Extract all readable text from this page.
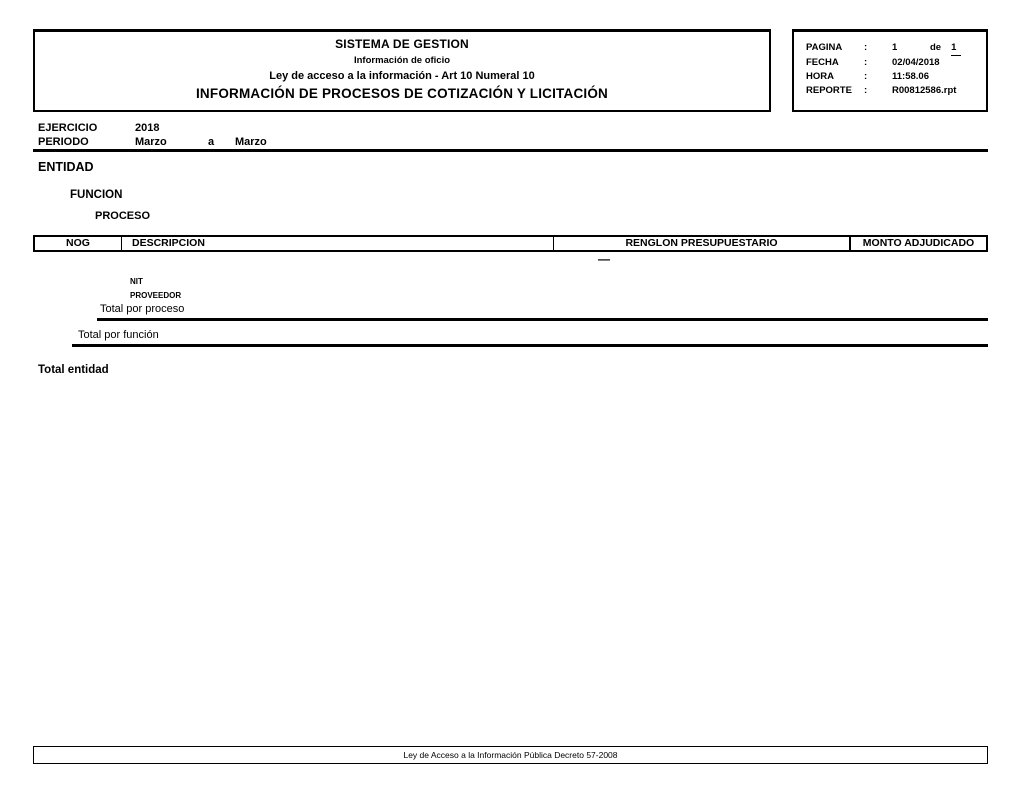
SISTEMA DE GESTION
Información de oficio
Ley de acceso a la información - Art 10 Numeral 10
INFORMACIÓN DE PROCESOS DE COTIZACIÓN Y LICITACIÓN
PAGINA	:	1	de 1
FECHA	:	02/04/2018
HORA	:	11:58.06
REPORTE	:	R00812586.rpt
EJERCICIO	2018
PERIODO	Marzo	a Marzo
ENTIDAD
FUNCION
PROCESO
NOG	DESCRIPCION	RENGLON PRESUPUESTARIO	MONTO ADJUDICADO
—
NIT
PROVEEDOR
Total por proceso
Total por función
Total entidad
Ley de Acceso a la Información Pública Decreto 57-2008
